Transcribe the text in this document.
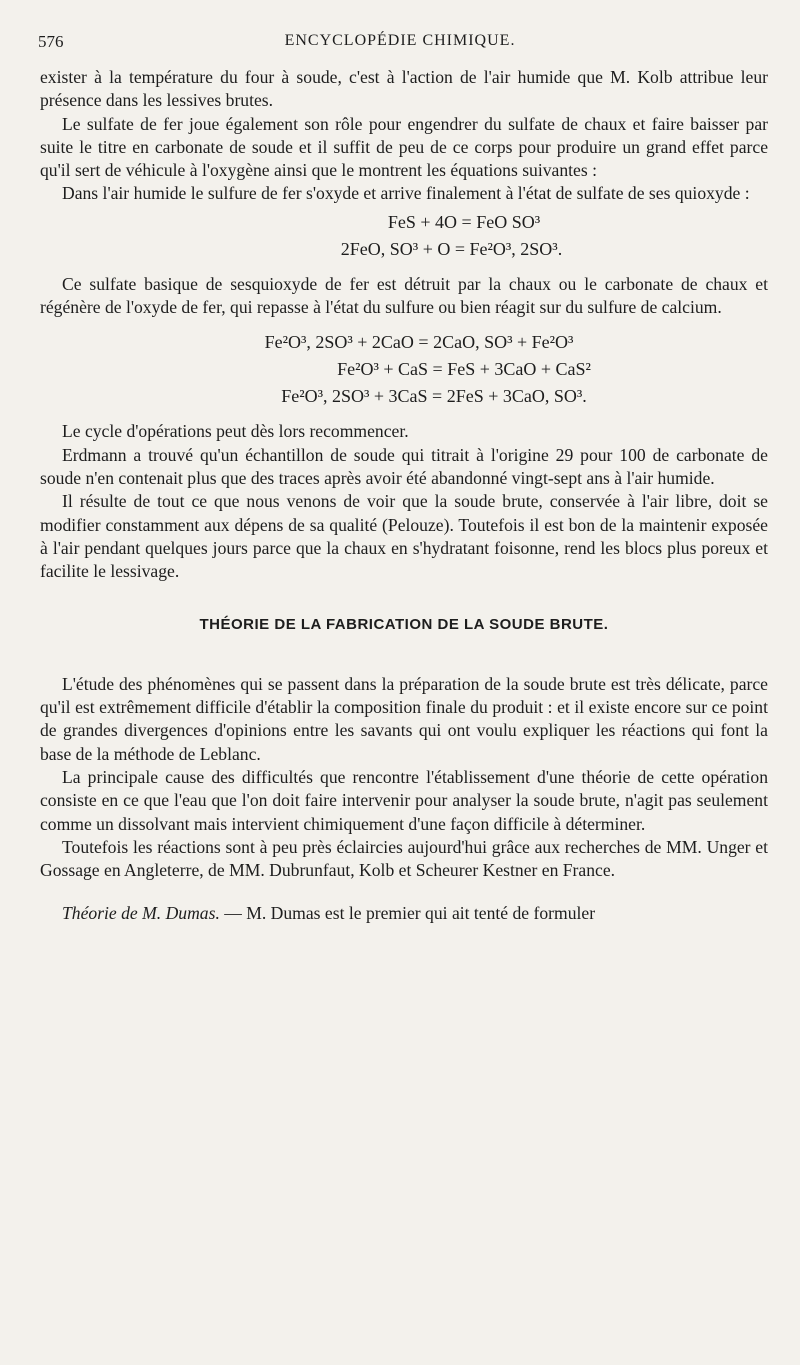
576	ENCYCLOPÉDIE CHIMIQUE.

exister à la température du four à soude, c'est à l'action de l'air humide que M. Kolb attribue leur présence dans les lessives brutes.

Le sulfate de fer joue également son rôle pour engendrer du sulfate de chaux et faire baisser par suite le titre en carbonate de soude et il suffit de peu de ce corps pour produire un grand effet parce qu'il sert de véhicule à l'oxygène ainsi que le montrent les équations suivantes :

Dans l'air humide le sulfure de fer s'oxyde et arrive finalement à l'état de sulfate de ses quioxyde :

FeS + 4O = FeO SO³
2FeO, SO³ + O = Fe²O³, 2SO³.

Ce sulfate basique de sesquioxyde de fer est détruit par la chaux ou le carbonate de chaux et régénère de l'oxyde de fer, qui repasse à l'état du sulfure ou bien réagit sur du sulfure de calcium.

Fe²O³, 2SO³ + 2CaO = 2CaO, SO³ + Fe²O³
Fe²O³ + CaS = FeS + 3CaO + CaS²
Fe²O³, 2SO³ + 3CaS = 2FeS + 3CaO, SO³.

Le cycle d'opérations peut dès lors recommencer.

Erdmann a trouvé qu'un échantillon de soude qui titrait à l'origine 29 pour 100 de carbonate de soude n'en contenait plus que des traces après avoir été abandonné vingt-sept ans à l'air humide.

Il résulte de tout ce que nous venons de voir que la soude brute, conservée à l'air libre, doit se modifier constamment aux dépens de sa qualité (Pelouze). Toutefois il est bon de la maintenir exposée à l'air pendant quelques jours parce que la chaux en s'hydratant foisonne, rend les blocs plus poreux et facilite le lessivage.

THÉORIE DE LA FABRICATION DE LA SOUDE BRUTE.

L'étude des phénomènes qui se passent dans la préparation de la soude brute est très délicate, parce qu'il est extrêmement difficile d'établir la composition finale du produit : et il existe encore sur ce point de grandes divergences d'opinions entre les savants qui ont voulu expliquer les réactions qui font la base de la méthode de Leblanc.

La principale cause des difficultés que rencontre l'établissement d'une théorie de cette opération consiste en ce que l'eau que l'on doit faire intervenir pour analyser la soude brute, n'agit pas seulement comme un dissolvant mais intervient chimiquement d'une façon difficile à déterminer.

Toutefois les réactions sont à peu près éclaircies aujourd'hui grâce aux recherches de MM. Unger et Gossage en Angleterre, de MM. Dubrunfaut, Kolb et Scheurer Kestner en France.

Théorie de M. Dumas. — M. Dumas est le premier qui ait tenté de formuler
